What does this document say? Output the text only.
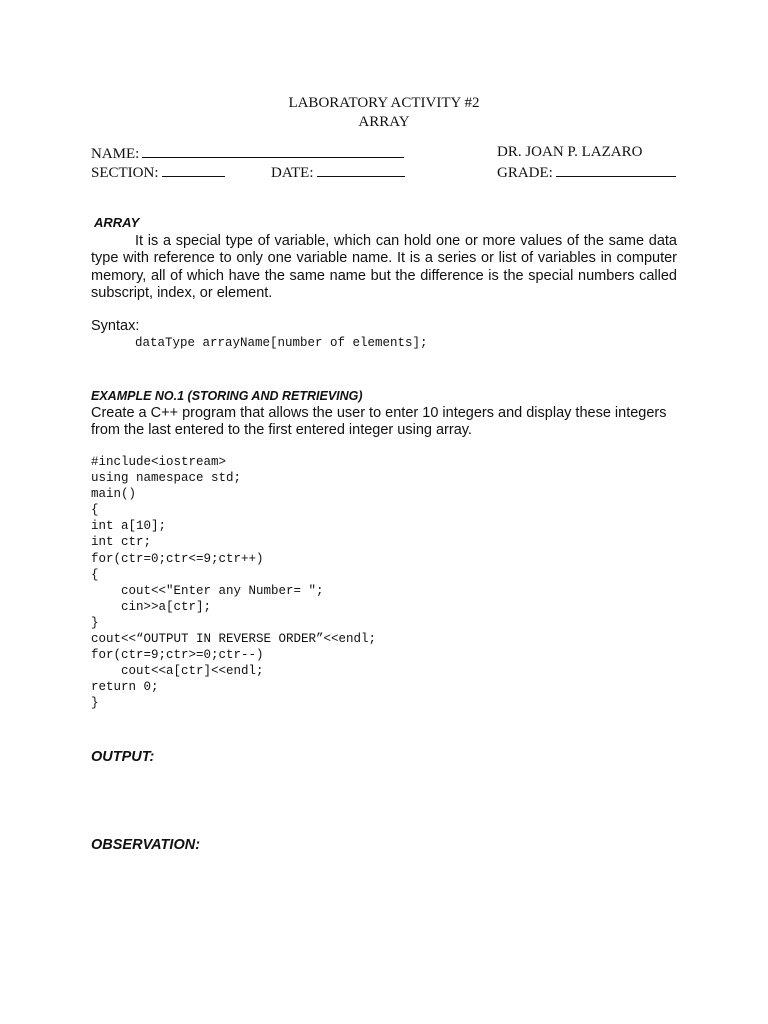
LABORATORY ACTIVITY #2
ARRAY
NAME:	DR. JOAN P. LAZARO
SECTION:	DATE:	GRADE:
ARRAY
It is a special type of variable, which can hold one or more values of the same data type with reference to only one variable name. It is a series or list of variables in computer memory, all of which have the same name but the difference is the special numbers called subscript, index, or element.
Syntax:
dataType arrayName[number of elements];
EXAMPLE NO.1 (STORING AND RETRIEVING)
Create a C++ program that allows the user to enter 10 integers and display these integers from the last entered to the first entered integer using array.
#include<iostream>
using namespace std;
main()
{
int a[10];
int ctr;
for(ctr=0;ctr<=9;ctr++)
{
cout<<"Enter any Number= ";
cin>>a[ctr];
}
cout<<“OUTPUT IN REVERSE ORDER”<<endl;
for(ctr=9;ctr>=0;ctr--)
cout<<a[ctr]<<endl;
return 0;
}
OUTPUT:
OBSERVATION:
